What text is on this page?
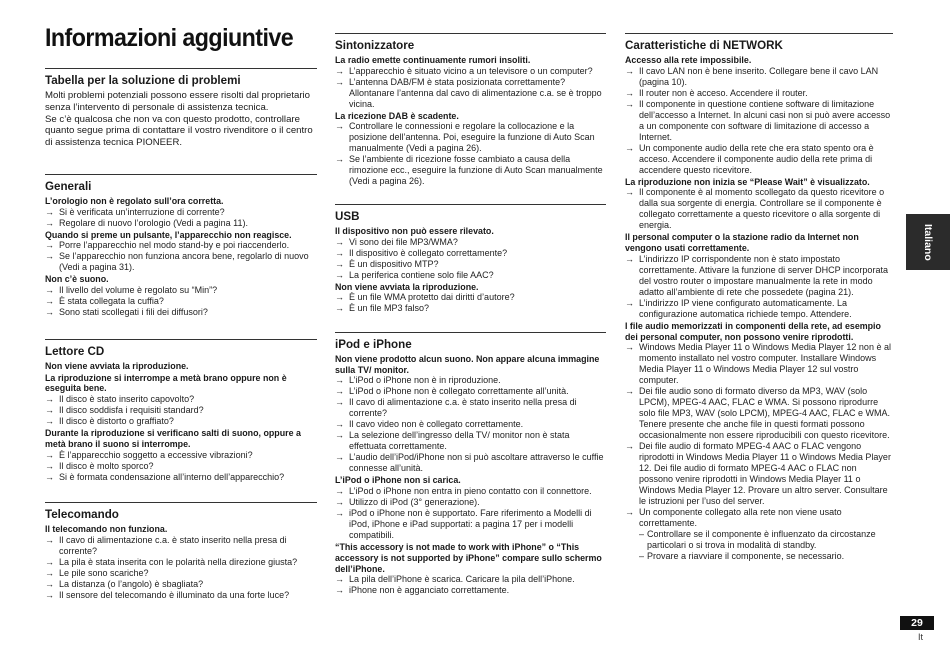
Informazioni aggiuntive
Tabella per la soluzione di problemi

Molti problemi potenziali possono essere risolti dal proprietario senza l’intervento di personale di assistenza tecnica.

Se c’è qualcosa che non va con questo prodotto, controllare quanto segue prima di contattare il vostro rivenditore o il centro di assistenza tecnica PIONEER.

Generali

L’orologio non è regolato sull’ora corretta.

→ Si è verificata un’interruzione di corrente?

→ Regolare di nuovo l’orologio (Vedi a pagina 11).

Quando si preme un pulsante, l’apparecchio non reagisce.

→ Porre l’apparecchio nel modo stand-by e poi riaccenderlo.

→ Se l’apparecchio non funziona ancora bene, regolarlo di nuovo (Vedi a pagina 31).

Non c’è suono.

→ Il livello del volume è regolato su “Min”?

→ È stata collegata la cuffia?

→ Sono stati scollegati i fili dei diffusori?

Lettore CD

Non viene avviata la riproduzione.

La riproduzione si interrompe a metà brano oppure non è eseguita bene.

→ Il disco è stato inserito capovolto?

→ Il disco soddisfa i requisiti standard?

→ Il disco è distorto o graffiato?

Durante la riproduzione si verificano salti di suono, oppure a metà brano il suono si interrompe.

→ È l’apparecchio soggetto a eccessive vibrazioni?

→ Il disco è molto sporco?

→ Si è formata condensazione all’interno dell’apparecchio?

Telecomando

Il telecomando non funziona.

→ Il cavo di alimentazione c.a. è stato inserito nella presa di corrente?

→ La pila è stata inserita con le polarità nella direzione giusta?

→ Le pile sono scariche?

→ La distanza (o l’angolo) è sbagliata?

→ Il sensore del telecomando è illuminato da una forte luce?

Sintonizzatore

La radio emette continuamente rumori insoliti.

→ L’apparecchio è situato vicino a un televisore o un computer?

→ L’antenna DAB/FM è stata posizionata correttamente? Allontanare l’antenna dal cavo di alimentazione c.a. se è troppo vicina.

La ricezione DAB è scadente.

→ Controllare le connessioni e regolare la collocazione e la posizione dell’antenna. Poi, eseguire la funzione di Auto Scan manualmente (Vedi a pagina 26).

→ Se l’ambiente di ricezione fosse cambiato a causa della rimozione ecc., eseguire la funzione di Auto Scan manualmente (Vedi a pagina 26).

USB

Il dispositivo non può essere rilevato.

→ Vi sono dei file MP3/WMA?

→ Il dispositivo è collegato correttamente?

→ È un dispositivo MTP?

→ La periferica contiene solo file AAC?

Non viene avviata la riproduzione.

→ È un file WMA protetto dai diritti d’autore?

→ È un file MP3 falso?

iPod e iPhone

Non viene prodotto alcun suono. Non appare alcuna immagine sulla TV/ monitor.

→ L’iPod o iPhone non è in riproduzione.

→ L’iPod o iPhone non è collegato correttamente all’unità.

→ Il cavo di alimentazione c.a. è stato inserito nella presa di corrente?

→ Il cavo video non è collegato correttamente.

→ La selezione dell’ingresso della TV/ monitor non è stata effettuata correttamente.

→ L’audio dell’iPod/iPhone non si può ascoltare attraverso le cuffie connesse all’unità.

L’iPod o iPhone non si carica.

→ L’iPod o iPhone non entra in pieno contatto con il connettore.

→ Utilizzo di iPod (3° generazione).

→ iPod o iPhone non è supportato. Fare riferimento a Modelli di iPod, iPhone e iPad supportati: a pagina 17 per i modelli compatibili.

“This accessory is not made to work with iPhone” o “This accessory is not supported by iPhone” compare sullo schermo dell’iPhone.

→ La pila dell’iPhone è scarica. Caricare la pila dell’iPhone.

→ iPhone non è agganciato correttamente.

Caratteristiche di NETWORK

Accesso alla rete impossibile.

→ Il cavo LAN non è bene inserito. Collegare bene il cavo LAN (pagina 10).

→ Il router non è acceso. Accendere il router.

→ Il componente in questione contiene software di limitazione dell’accesso a Internet. In alcuni casi non si può avere accesso a un componente con software di limitazione di accesso a Internet.

→ Un componente audio della rete che era stato spento ora è acceso. Accendere il componente audio della rete prima di accendere questo ricevitore.

La riproduzione non inizia se “Please Wait” è visualizzato.

→ Il componente è al momento scollegato da questo ricevitore o dalla sua sorgente di energia. Controllare se il componente è collegato correttamente a questo ricevitore o alla sorgente di energia.

Il personal computer o la stazione radio da Internet non vengono usati correttamente.

→ L’indirizzo IP corrispondente non è stato impostato correttamente. Attivare la funzione di server DHCP incorporata del vostro router o impostare manualmente la rete in modo adatto all’ambiente di rete che possedete (pagina 21).

→ L’indirizzo IP viene configurato automaticamente. La configurazione automatica richiede tempo. Attendere.

I file audio memorizzati in componenti della rete, ad esempio dei personal computer, non possono venire riprodotti.

→ Windows Media Player 11 o Windows Media Player 12 non è al momento installato nel vostro computer. Installare Windows Media Player 11 o Windows Media Player 12 sul vostro computer.

→ Dei file audio sono di formato diverso da MP3, WAV (solo LPCM), MPEG-4 AAC, FLAC e WMA. Si possono riprodurre solo file MP3, WAV (solo LPCM), MPEG-4 AAC, FLAC e WMA. Tenere presente che anche file in questi formati possono occasionalmente non essere riproducibili con questo ricevitore.

→ Dei file audio di formato MPEG-4 AAC o FLAC vengono riprodotti in Windows Media Player 11 o Windows Media Player 12. Dei file audio di formato MPEG-4 AAC o FLAC non possono venire riprodotti in Windows Media Player 11 o Windows Media Player 12. Provare un altro server. Consultare le istruzioni per l’uso del server.

→ Un componente collegato alla rete non viene usato correttamente.

– Controllare se il componente è influenzato da circostanze particolari o si trova in modalità di standby.

– Provare a riavviare il componente, se necessario.

Italiano
29
It
